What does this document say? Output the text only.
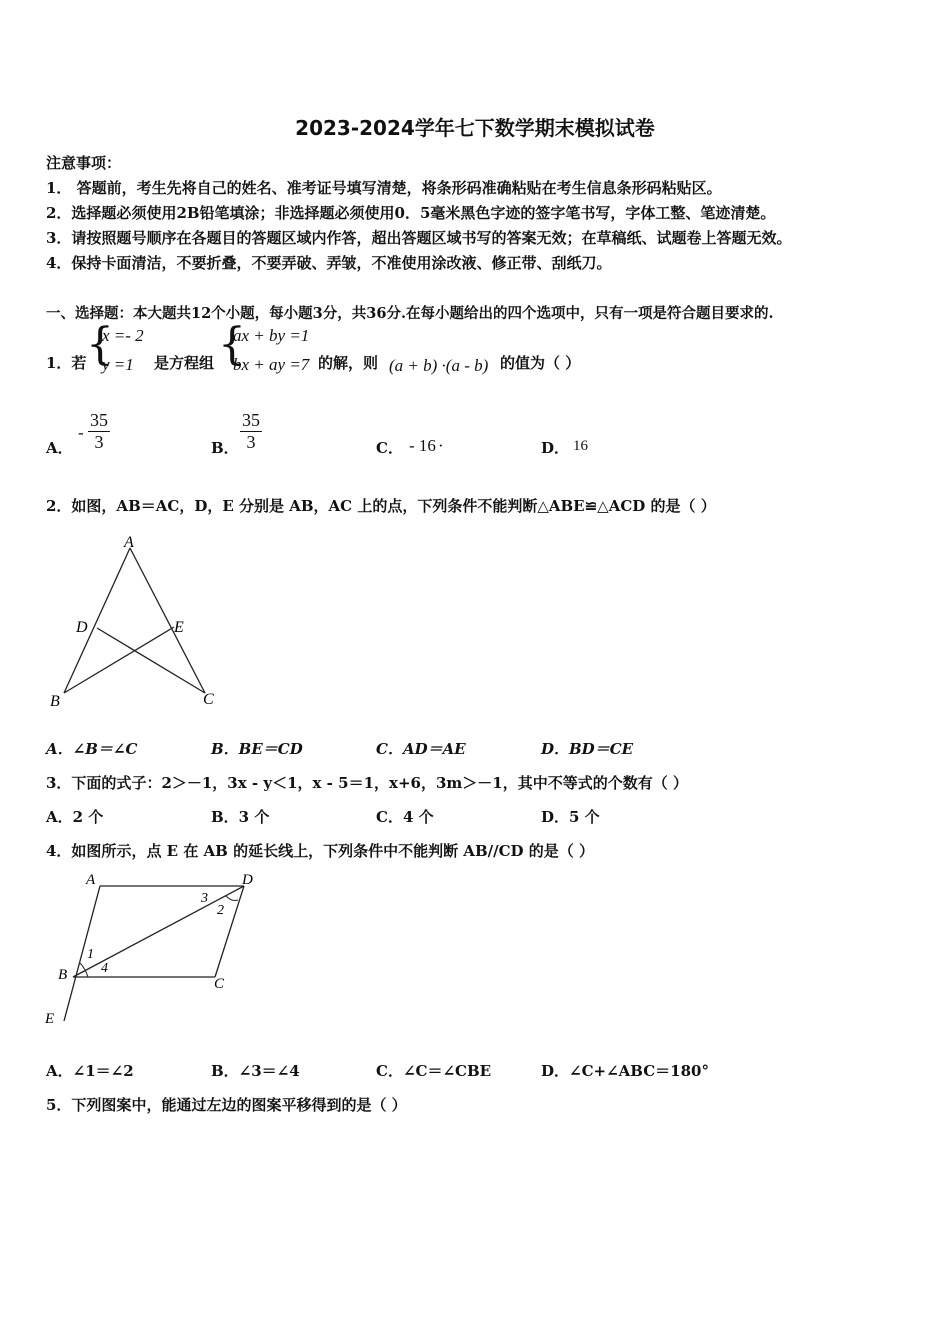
2023-2024学年七下数学期末模拟试卷
注意事项：
1． 答题前，考生先将自己的姓名、准考证号填写清楚，将条形码准确粘贴在考生信息条形码粘贴区。
2．选择题必须使用2B铅笔填涂；非选择题必须使用0．5毫米黑色字迹的签字笔书写，字体工整、笔迹清楚。
3．请按照题号顺序在各题目的答题区域内作答，超出答题区域书写的答案无效；在草稿纸、试题卷上答题无效。
4．保持卡面清洁，不要折叠，不要弄破、弄皱，不准使用涂改液、修正带、刮纸刀。
一、选择题：本大题共12个小题，每小题3分，共36分.在每小题给出的四个选项中，只有一项是符合题目要求的.
1．若 {
x =- 2
y =1 是方程组 {
ax + by =1
bx + ay =7 的解，则 (a + b) ·(a - b) 的值为（ ）
A．
- $\frac{35}{3}$	B． $\frac{35}{3}$	C． - 16 ·	D． 16
2．如图，AB＝AC，D，E 分别是 AB，AC 上的点，下列条件不能判断△ABE≌△ACD 的是（ ）
A
D	E
B	C
A．∠B＝∠C	B．BE＝CD	C．AD＝AE	D．BD＝CE
3．下面的式子：2＞－1，3x - y＜1，x - 5＝1，x+6，3m＞－1，其中不等式的个数有（ ）
A．2 个	B．3 个	C．4 个	D．5 个
4．如图所示，点 E 在 AB 的延长线上，下列条件中不能判断 AB//CD 的是（ ）
A	D
B
C
E
1
2
3
4
A．∠1＝∠2	B．∠3＝∠4	C．∠C＝∠CBE	D．∠C+∠ABC＝180°
5．下列图案中，能通过左边的图案平移得到的是（ ）
